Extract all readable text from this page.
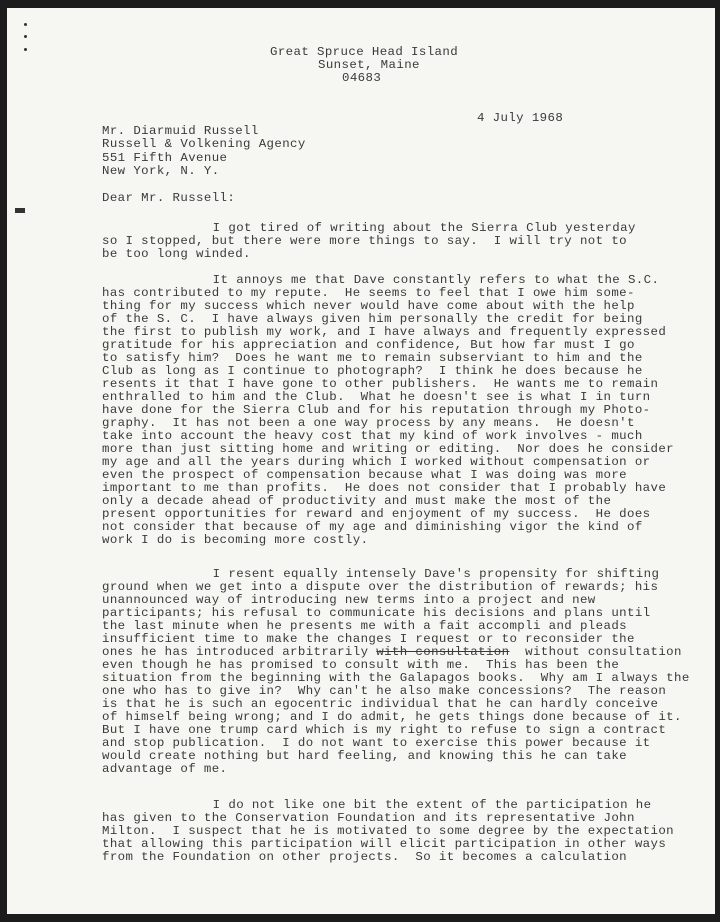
Great Spruce Head Island
Sunset, Maine
04683
4 July 1968
Mr. Diarmuid Russell
Russell & Volkening Agency
551 Fifth Avenue
New York, N. Y.
Dear Mr. Russell:
I got tired of writing about the Sierra Club yesterday
so I stopped, but there were more things to say.  I will try not to
be too long winded.
It annoys me that Dave constantly refers to what the S.C.
has contributed to my repute.  He seems to feel that I owe him some-
thing for my success which never would have come about with the help
of the S. C.  I have always given him personally the credit for being
the first to publish my work, and I have always and frequently expressed
gratitude for his appreciation and confidence, But how far must I go
to satisfy him?  Does he want me to remain subserviant to him and the
Club as long as I continue to photograph?  I think he does because he
resents it that I have gone to other publishers.  He wants me to remain
enthralled to him and the Club.  What he doesn't see is what I in turn
have done for the Sierra Club and for his reputation through my Photo-
graphy.  It has not been a one way process by any means.  He doesn't
take into account the heavy cost that my kind of work involves - much
more than just sitting home and writing or editing.  Nor does he consider
my age and all the years during which I worked without compensation or
even the prospect of compensation because what I was doing was more
important to me than profits.  He does not consider that I probably have
only a decade ahead of productivity and must make the most of the
present opportunities for reward and enjoyment of my success.  He does
not consider that because of my age and diminishing vigor the kind of
work I do is becoming more costly.
I resent equally intensely Dave's propensity for shifting
ground when we get into a dispute over the distribution of rewards; his
unannounced way of introducing new terms into a project and new
participants; his refusal to communicate his decisions and plans until
the last minute when he presents me with a fait accompli and pleads
insufficient time to make the changes I request or to reconsider the
ones he has introduced arbitrarily with consultation  without consultation
even though he has promised to consult with me.  This has been the
situation from the beginning with the Galapagos books.  Why am I always the
one who has to give in?  Why can't he also make concessions?  The reason
is that he is such an egocentric individual that he can hardly conceive
of himself being wrong; and I do admit, he gets things done because of it.
But I have one trump card which is my right to refuse to sign a contract
and stop publication.  I do not want to exercise this power because it
would create nothing but hard feeling, and knowing this he can take
advantage of me.
I do not like one bit the extent of the participation he
has given to the Conservation Foundation and its representative John
Milton.  I suspect that he is motivated to some degree by the expectation
that allowing this participation will elicit participation in other ways
from the Foundation on other projects.  So it becomes a calculation
